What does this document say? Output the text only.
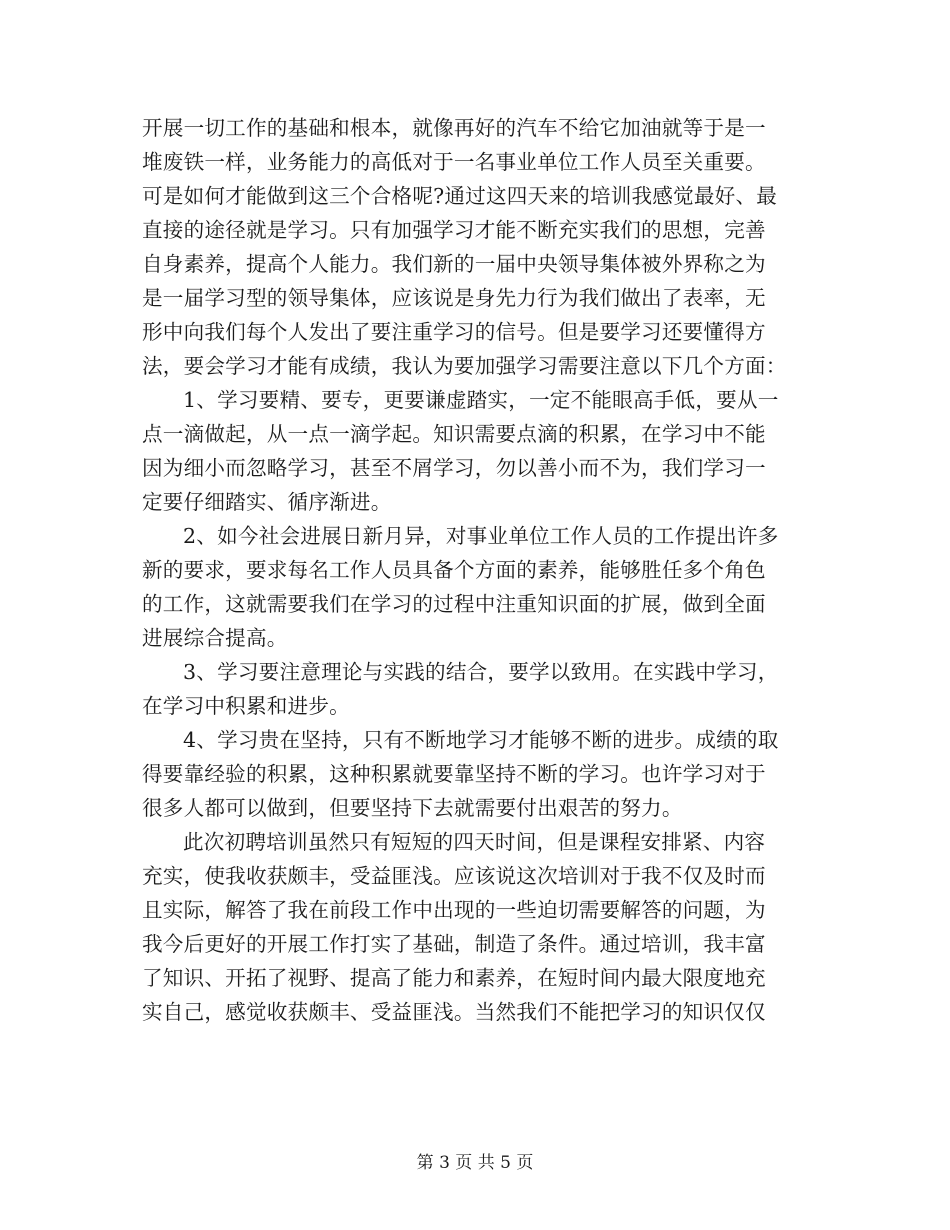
开展一切工作的基础和根本，就像再好的汽车不给它加油就等于是一
堆废铁一样，业务能力的高低对于一名事业单位工作人员至关重要。
可是如何才能做到这三个合格呢?通过这四天来的培训我感觉最好、最
直接的途径就是学习。只有加强学习才能不断充实我们的思想，完善
自身素养，提高个人能力。我们新的一届中央领导集体被外界称之为
是一届学习型的领导集体，应该说是身先力行为我们做出了表率，无
形中向我们每个人发出了要注重学习的信号。但是要学习还要懂得方
法，要会学习才能有成绩，我认为要加强学习需要注意以下几个方面：
1、学习要精、要专，更要谦虚踏实，一定不能眼高手低，要从一
点一滴做起，从一点一滴学起。知识需要点滴的积累，在学习中不能
因为细小而忽略学习，甚至不屑学习，勿以善小而不为，我们学习一
定要仔细踏实、循序渐进。
2、如今社会进展日新月异，对事业单位工作人员的工作提出许多
新的要求，要求每名工作人员具备个方面的素养，能够胜任多个角色
的工作，这就需要我们在学习的过程中注重知识面的扩展，做到全面
进展综合提高。
3、学习要注意理论与实践的结合，要学以致用。在实践中学习，
在学习中积累和进步。
4、学习贵在坚持，只有不断地学习才能够不断的进步。成绩的取
得要靠经验的积累，这种积累就要靠坚持不断的学习。也许学习对于
很多人都可以做到，但要坚持下去就需要付出艰苦的努力。
此次初聘培训虽然只有短短的四天时间，但是课程安排紧、内容
充实，使我收获颇丰，受益匪浅。应该说这次培训对于我不仅及时而
且实际，解答了我在前段工作中出现的一些迫切需要解答的问题，为
我今后更好的开展工作打实了基础，制造了条件。通过培训，我丰富
了知识、开拓了视野、提高了能力和素养，在短时间内最大限度地充
实自己，感觉收获颇丰、受益匪浅。当然我们不能把学习的知识仅仅
第 3 页 共 5 页
